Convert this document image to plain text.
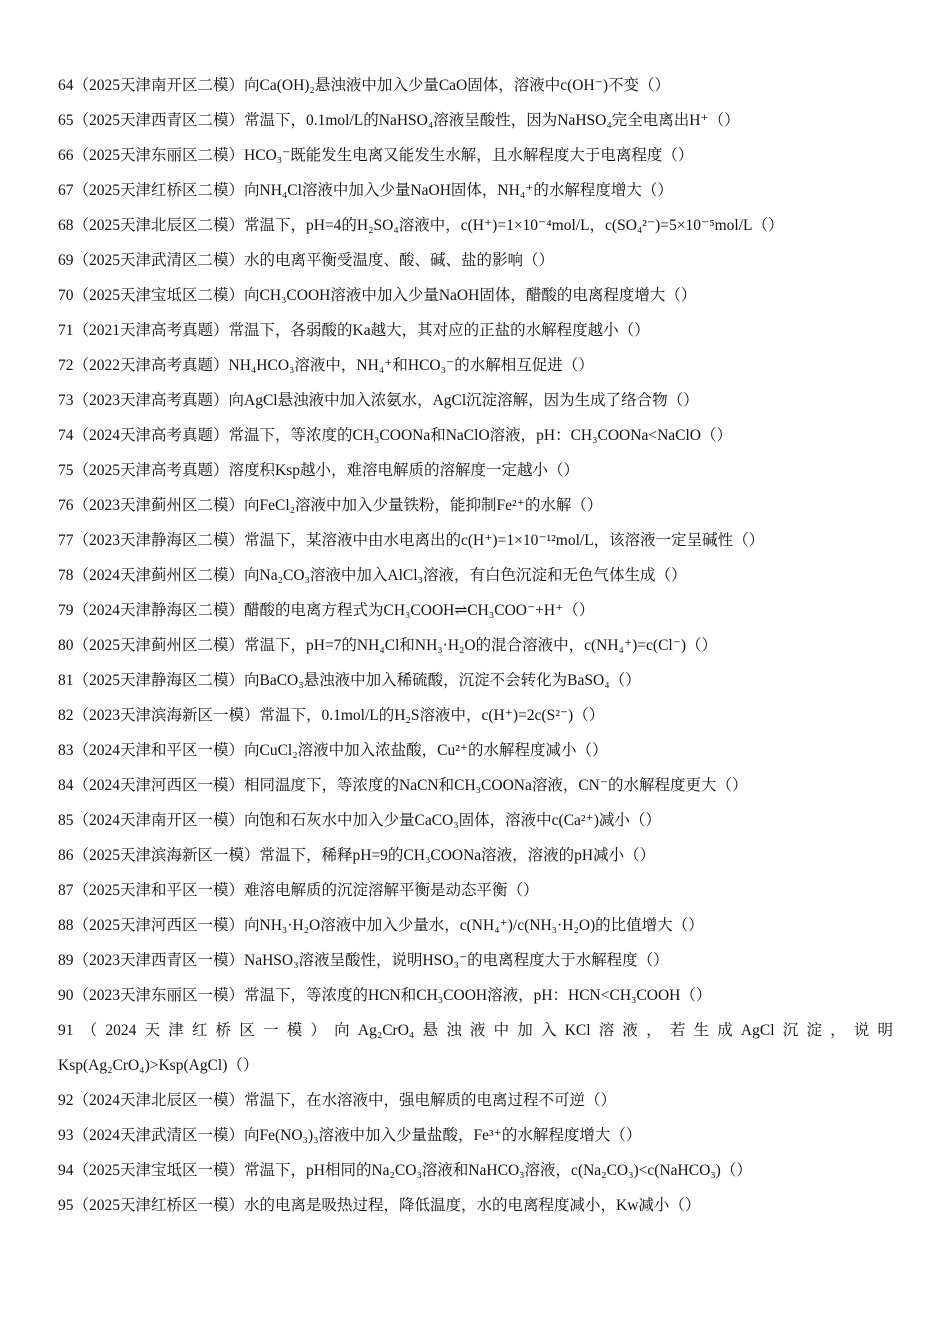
64（2025天津南开区二模）向Ca(OH)₂悬浊液中加入少量CaO固体，溶液中c(OH⁻)不变（）
65（2025天津西青区二模）常温下，0.1mol/L的NaHSO₄溶液呈酸性，因为NaHSO₄完全电离出H⁺（）
66（2025天津东丽区二模）HCO₃⁻既能发生电离又能发生水解，且水解程度大于电离程度（）
67（2025天津红桥区二模）向NH₄Cl溶液中加入少量NaOH固体，NH₄⁺的水解程度增大（）
68（2025天津北辰区二模）常温下，pH=4的H₂SO₄溶液中，c(H⁺)=1×10⁻⁴mol/L，c(SO₄²⁻)=5×10⁻⁵mol/L（）
69（2025天津武清区二模）水的电离平衡受温度、酸、碱、盐的影响（）
70（2025天津宝坻区二模）向CH₃COOH溶液中加入少量NaOH固体，醋酸的电离程度增大（）
71（2021天津高考真题）常温下，各弱酸的Ka越大，其对应的正盐的水解程度越小（）
72（2022天津高考真题）NH₄HCO₃溶液中，NH₄⁺和HCO₃⁻的水解相互促进（）
73（2023天津高考真题）向AgCl悬浊液中加入浓氨水，AgCl沉淀溶解，因为生成了络合物（）
74（2024天津高考真题）常温下，等浓度的CH₃COONa和NaClO溶液，pH：CH₃COONa<NaClO（）
75（2025天津高考真题）溶度积Ksp越小，难溶电解质的溶解度一定越小（）
76（2023天津蓟州区二模）向FeCl₂溶液中加入少量铁粉，能抑制Fe²⁺的水解（）
77（2023天津静海区二模）常温下，某溶液中由水电离出的c(H⁺)=1×10⁻¹²mol/L，该溶液一定呈碱性（）
78（2024天津蓟州区二模）向Na₂CO₃溶液中加入AlCl₃溶液，有白色沉淀和无色气体生成（）
79（2024天津静海区二模）醋酸的电离方程式为CH₃COOH⇌CH₃COO⁻+H⁺（）
80（2025天津蓟州区二模）常温下，pH=7的NH₄Cl和NH₃·H₂O的混合溶液中，c(NH₄⁺)=c(Cl⁻)（）
81（2025天津静海区二模）向BaCO₃悬浊液中加入稀硫酸，沉淀不会转化为BaSO₄（）
82（2023天津滨海新区一模）常温下，0.1mol/L的H₂S溶液中，c(H⁺)=2c(S²⁻)（）
83（2024天津和平区一模）向CuCl₂溶液中加入浓盐酸，Cu²⁺的水解程度减小（）
84（2024天津河西区一模）相同温度下，等浓度的NaCN和CH₃COONa溶液，CN⁻的水解程度更大（）
85（2024天津南开区一模）向饱和石灰水中加入少量CaCO₃固体，溶液中c(Ca²⁺)减小（）
86（2025天津滨海新区一模）常温下，稀释pH=9的CH₃COONa溶液，溶液的pH减小（）
87（2025天津和平区一模）难溶电解质的沉淀溶解平衡是动态平衡（）
88（2025天津河西区一模）向NH₃·H₂O溶液中加入少量水，c(NH₄⁺)/c(NH₃·H₂O)的比值增大（）
89（2023天津西青区一模）NaHSO₃溶液呈酸性，说明HSO₃⁻的电离程度大于水解程度（）
90（2023天津东丽区一模）常温下，等浓度的HCN和CH₃COOH溶液，pH：HCN<CH₃COOH（）
91（2024天津红桥区一模）向Ag₂CrO₄悬浊液中加入KCl溶液，若生成AgCl沉淀，说明
Ksp(Ag₂CrO₄)>Ksp(AgCl)（）
92（2024天津北辰区一模）常温下，在水溶液中，强电解质的电离过程不可逆（）
93（2024天津武清区一模）向Fe(NO₃)₃溶液中加入少量盐酸，Fe³⁺的水解程度增大（）
94（2025天津宝坻区一模）常温下，pH相同的Na₂CO₃溶液和NaHCO₃溶液，c(Na₂CO₃)<c(NaHCO₃)（）
95（2025天津红桥区一模）水的电离是吸热过程，降低温度，水的电离程度减小，Kw减小（）
